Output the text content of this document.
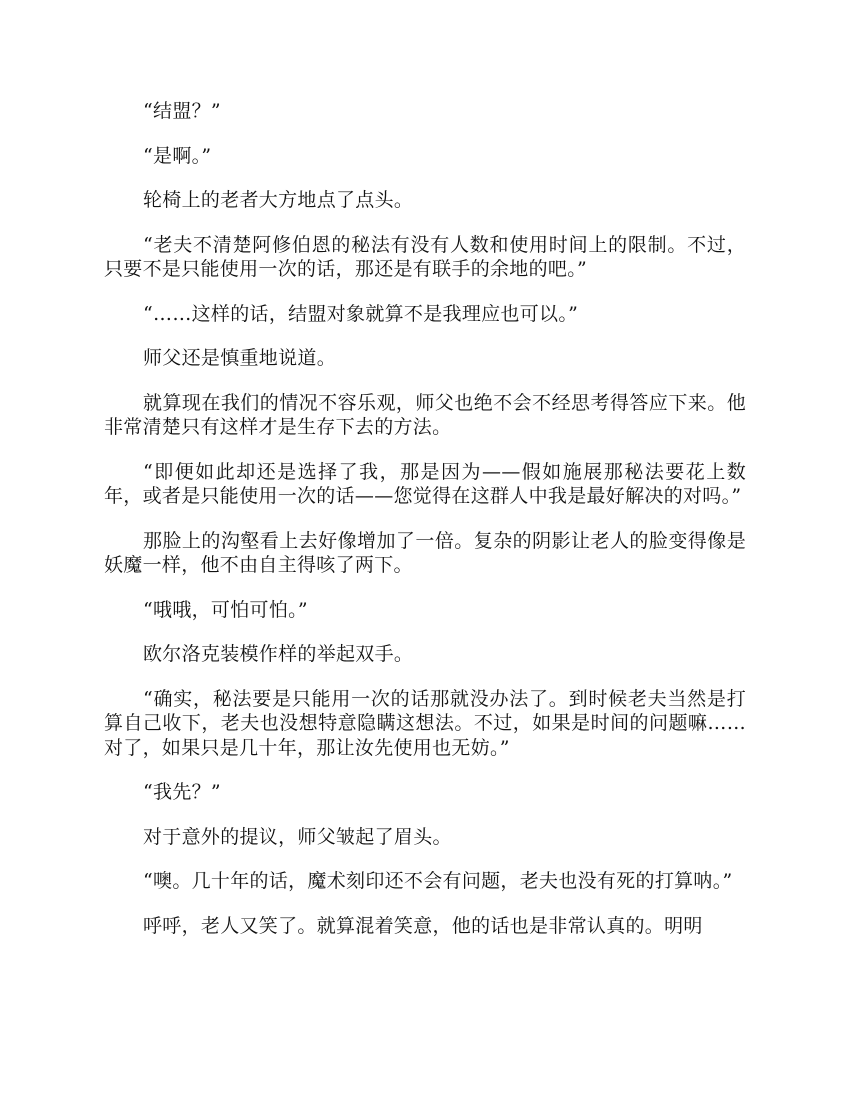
“结盟？”

“是啊。”

轮椅上的老者大方地点了点头。

“老夫不清楚阿修伯恩的秘法有没有人数和使用时间上的限制。不过，只要不是只能使用一次的话，那还是有联手的余地的吧。”

“……这样的话，结盟对象就算不是我理应也可以。”

师父还是慎重地说道。

就算现在我们的情况不容乐观，师父也绝不会不经思考得答应下来。他非常清楚只有这样才是生存下去的方法。

“即便如此却还是选择了我，那是因为——假如施展那秘法要花上数年，或者是只能使用一次的话——您觉得在这群人中我是最好解决的对吗。”

那脸上的沟壑看上去好像增加了一倍。复杂的阴影让老人的脸变得像是妖魔一样，他不由自主得咳了两下。

“哦哦，可怕可怕。”

欧尔洛克装模作样的举起双手。

“确实，秘法要是只能用一次的话那就没办法了。到时候老夫当然是打算自己收下，老夫也没想特意隐瞒这想法。不过，如果是时间的问题嘛……对了，如果只是几十年，那让汝先使用也无妨。”

“我先？”

对于意外的提议，师父皱起了眉头。

“噢。几十年的话，魔术刻印还不会有问题，老夫也没有死的打算呐。”

呼呼，老人又笑了。就算混着笑意，他的话也是非常认真的。明明
